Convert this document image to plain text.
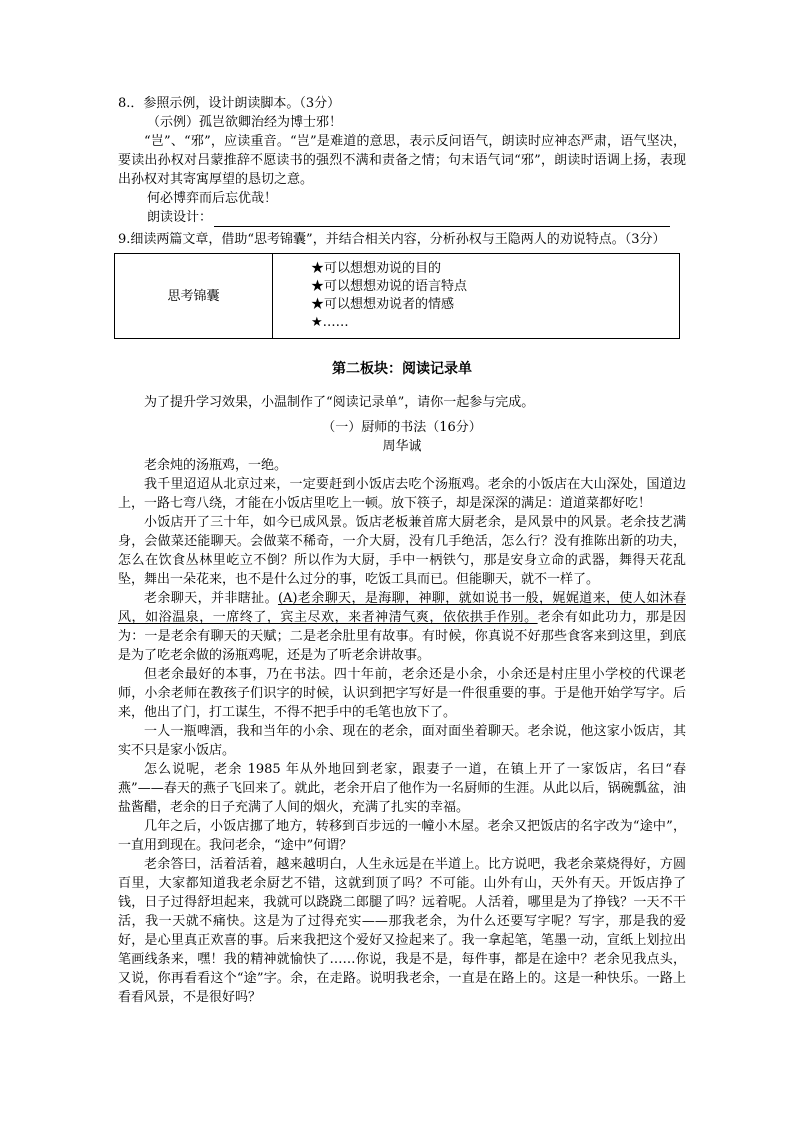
8.．参照示例，设计朗读脚本。（3分）

（示例）孤岂欲卿治经为博士邪！

“岂”、“邪”，应读重音。“岂”是难道的意思，表示反问语气，朗读时应神态严肃，语气坚决，要读出孙权对吕蒙推辞不愿读书的强烈不满和责备之情；句末语气词“邪”，朗读时语调上扬，表现出孙权对其寄寓厚望的恳切之意。

何必博弈而后忘优哉！

朗读设计：

9.细读两篇文章，借助“思考锦囊”，并结合相关内容，分析孙权与王隐两人的劝说特点。（3分）

思考锦囊	
★可以想想劝说的目的
★可以想想劝说的语言特点
★可以想想劝说者的情感
★……

第二板块：阅读记录单

为了提升学习效果，小温制作了“阅读记录单”，请你一起参与完成。

（一）厨师的书法（16分）

周华诚

老余炖的汤瓶鸡，一绝。

我千里迢迢从北京过来，一定要赶到小饭店去吃个汤瓶鸡。老余的小饭店在大山深处，国道边上，一路七弯八绕，才能在小饭店里吃上一顿。放下筷子，却是深深的满足：道道菜都好吃！

小饭店开了三十年，如今已成风景。饭店老板兼首席大厨老余，是风景中的风景。老余技艺满身，会做菜还能聊天。会做菜不稀奇，一介大厨，没有几手绝活，怎么行？没有推陈出新的功夫，怎么在饮食丛林里屹立不倒？所以作为大厨，手中一柄铁勺，那是安身立命的武器，舞得天花乱坠，舞出一朵花来，也不是什么过分的事，吃饭工具而已。但能聊天，就不一样了。

老余聊天，并非瞎扯。(A)老余聊天，是海聊，神聊，就如说书一般，娓娓道来，使人如沐春风，如浴温泉，一席终了，宾主尽欢，来者神清气爽，依依拱手作别。老余有如此功力，那是因为：一是老余有聊天的天赋；二是老余肚里有故事。有时候，你真说不好那些食客来到这里，到底是为了吃老余做的汤瓶鸡呢，还是为了听老余讲故事。

但老余最好的本事，乃在书法。四十年前，老余还是小余，小余还是村庄里小学校的代课老师，小余老师在教孩子们识字的时候，认识到把字写好是一件很重要的事。于是他开始学写字。后来，他出了门，打工谋生，不得不把手中的毛笔也放下了。

一人一瓶啤酒，我和当年的小余、现在的老余，面对面坐着聊天。老余说，他这家小饭店，其实不只是家小饭店。

怎么说呢，老余 1985 年从外地回到老家，跟妻子一道，在镇上开了一家饭店，名曰“春燕”——春天的燕子飞回来了。就此，老余开启了他作为一名厨师的生涯。从此以后，锅碗瓢盆，油盐酱醋，老余的日子充满了人间的烟火，充满了扎实的幸福。

几年之后，小饭店挪了地方，转移到百步远的一幢小木屋。老余又把饭店的名字改为“途中”，一直用到现在。我问老余，“途中”何谓？

老余答曰，活着活着，越来越明白，人生永远是在半道上。比方说吧，我老余菜烧得好，方圆百里，大家都知道我老余厨艺不错，这就到顶了吗？不可能。山外有山，天外有天。开饭店挣了钱，日子过得舒坦起来，我就可以跷跷二郎腿了吗？远着呢。人活着，哪里是为了挣钱？一天不干活，我一天就不痛快。这是为了过得充实——那我老余，为什么还要写字呢？写字，那是我的爱好，是心里真正欢喜的事。后来我把这个爱好又捡起来了。我一拿起笔，笔墨一动，宣纸上划拉出笔画线条来，嘿！我的精神就愉快了……你说，我是不是，每件事，都是在途中？老余见我点头，又说，你再看看这个“途”字。余，在走路。说明我老余，一直是在路上的。这是一种快乐。一路上看看风景，不是很好吗？
